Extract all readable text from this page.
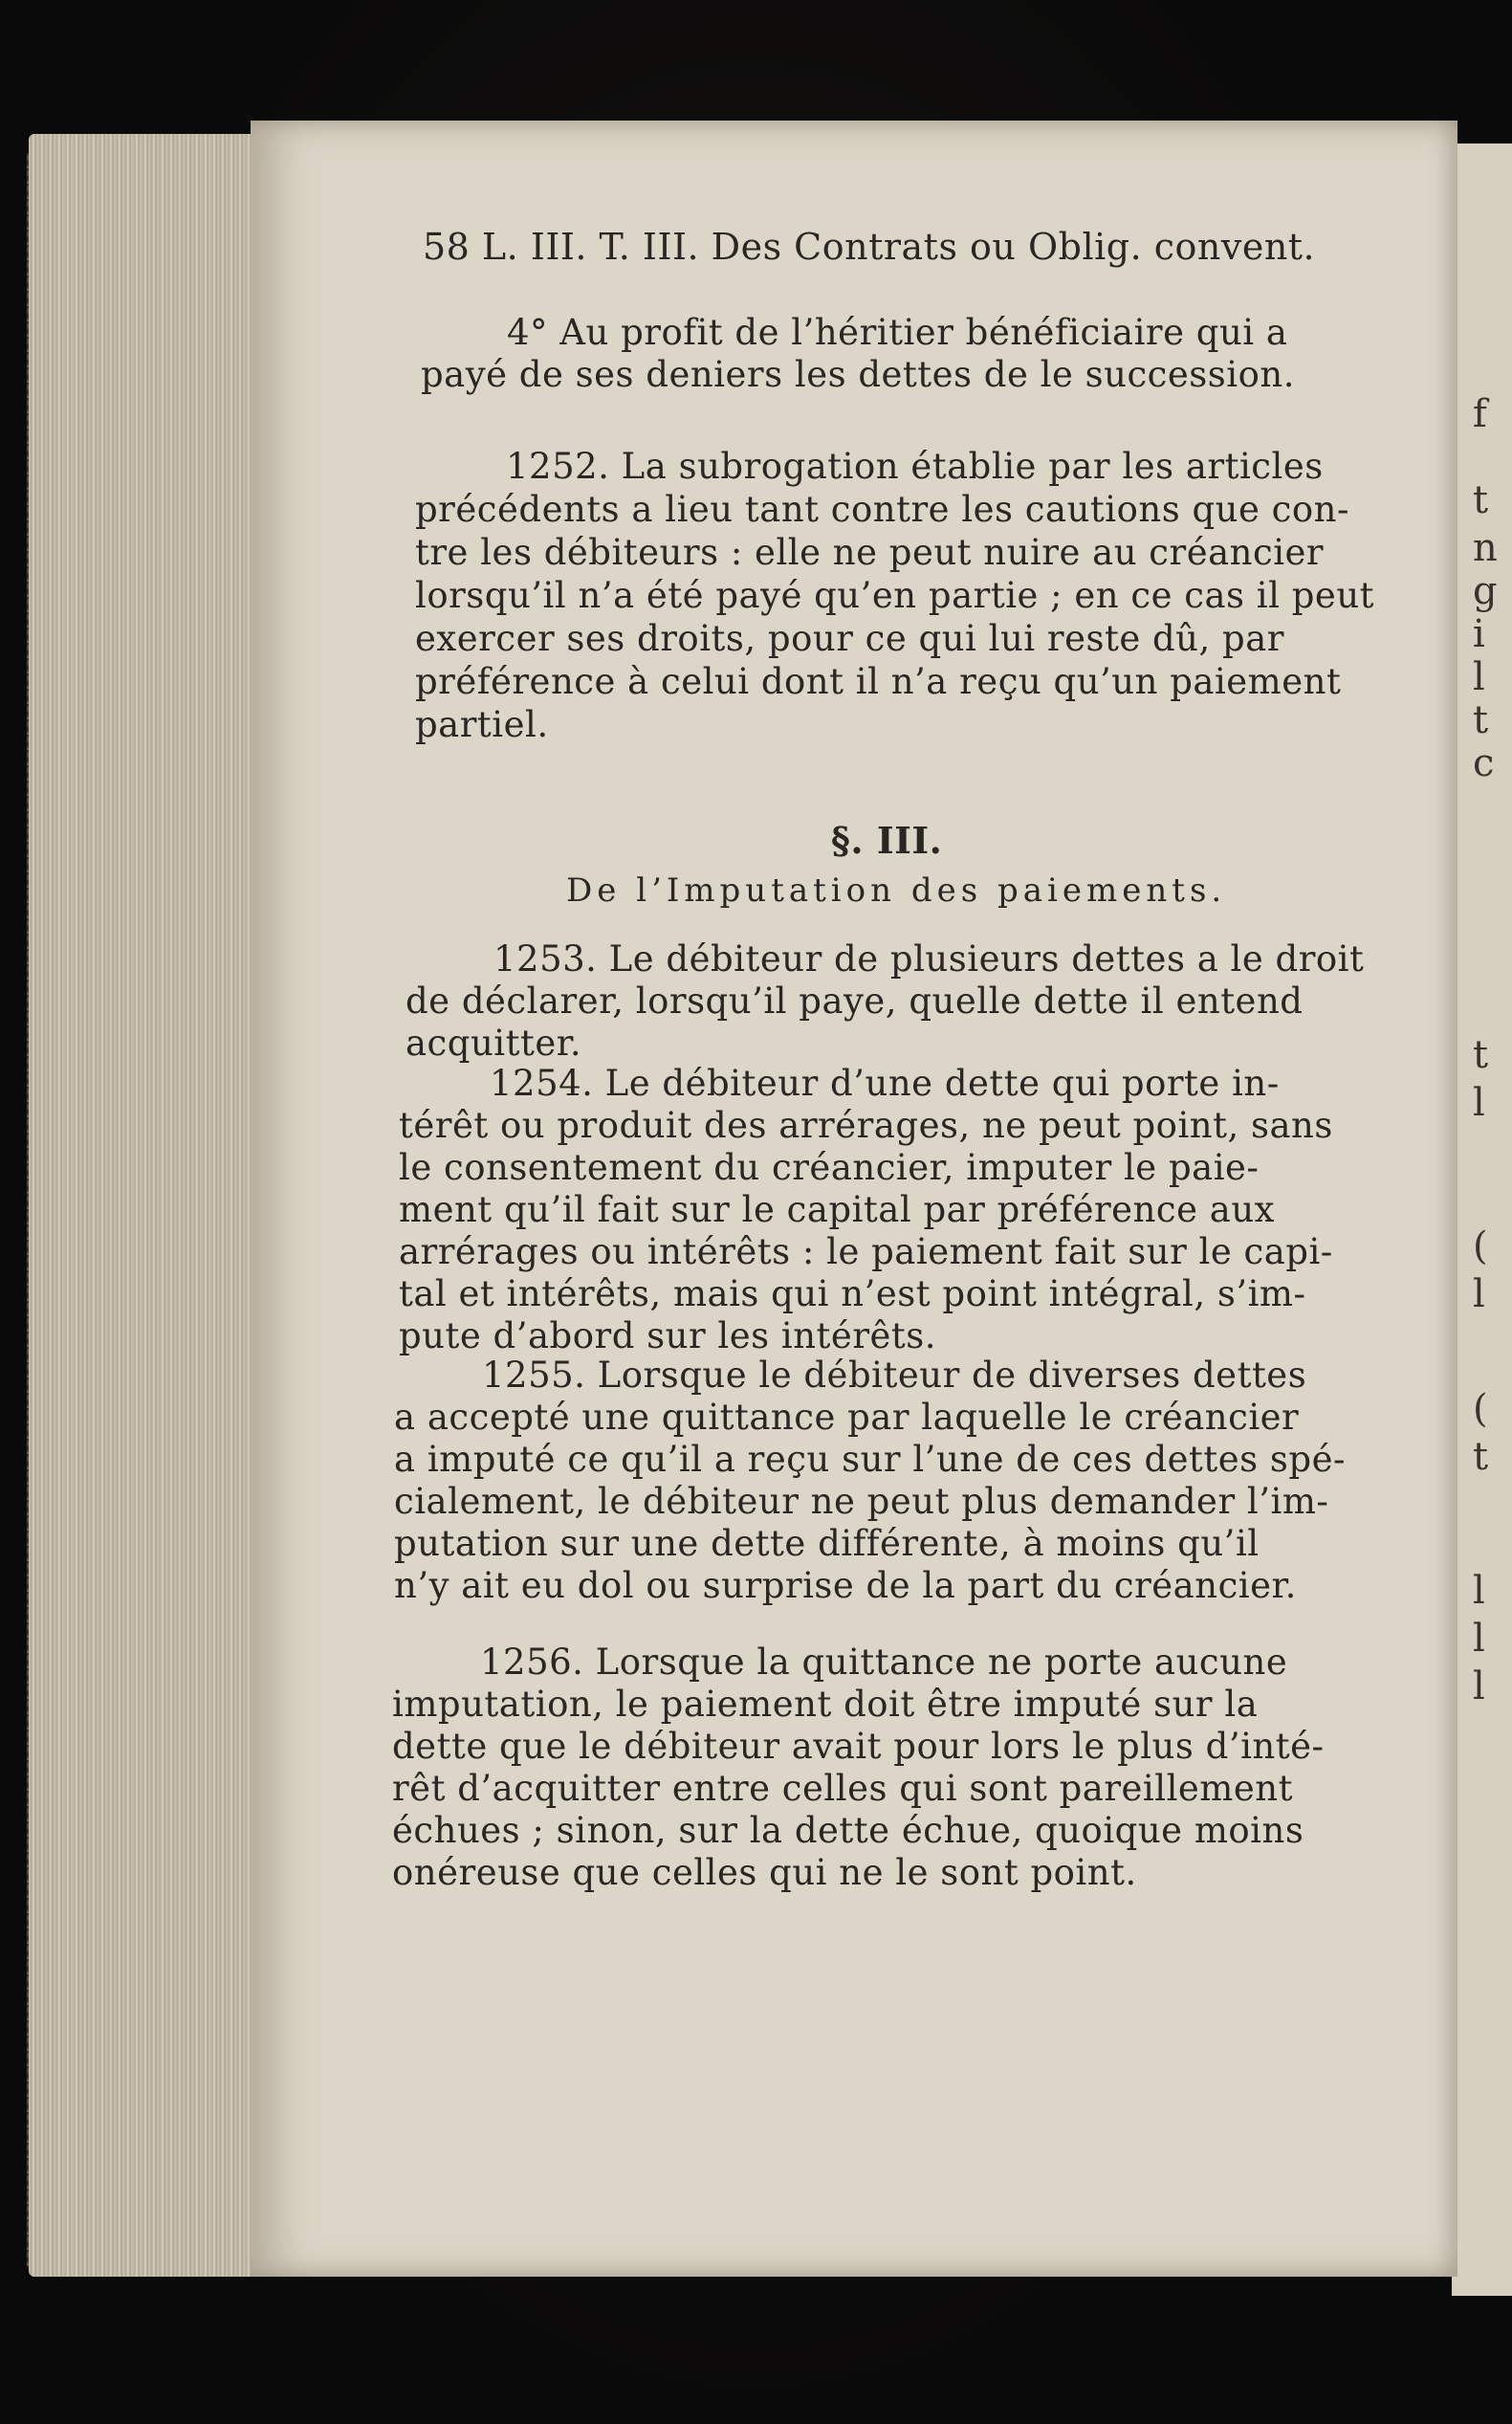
f
t
n
g
i
l
t
c
t
l
(
l
(
t
l
l
l
58 L. III. T. III. Des Contrats ou Oblig. convent.
4° Au profit de l’héritier bénéficiaire qui a
payé de ses deniers les dettes de le succession.
1252. La subrogation établie par les articles
précédents a lieu tant contre les cautions que con-
tre les débiteurs : elle ne peut nuire au créancier
lorsqu’il n’a été payé qu’en partie ; en ce cas il peut
exercer ses droits, pour ce qui lui reste dû, par
préférence à celui dont il n’a reçu qu’un paiement
partiel.
§. III.
De l’Imputation des paiements.
1253. Le débiteur de plusieurs dettes a le droit
de déclarer, lorsqu’il paye, quelle dette il entend
acquitter.
1254. Le débiteur d’une dette qui porte in-
térêt ou produit des arrérages, ne peut point, sans
le consentement du créancier, imputer le paie-
ment qu’il fait sur le capital par préférence aux
arrérages ou intérêts : le paiement fait sur le capi-
tal et intérêts, mais qui n’est point intégral, s’im-
pute d’abord sur les intérêts.
1255. Lorsque le débiteur de diverses dettes
a accepté une quittance par laquelle le créancier
a imputé ce qu’il a reçu sur l’une de ces dettes spé-
cialement, le débiteur ne peut plus demander l’im-
putation sur une dette différente, à moins qu’il
n’y ait eu dol ou surprise de la part du créancier.
1256. Lorsque la quittance ne porte aucune
imputation, le paiement doit être imputé sur la
dette que le débiteur avait pour lors le plus d’inté-
rêt d’acquitter entre celles qui sont pareillement
échues ; sinon, sur la dette échue, quoique moins
onéreuse que celles qui ne le sont point.
